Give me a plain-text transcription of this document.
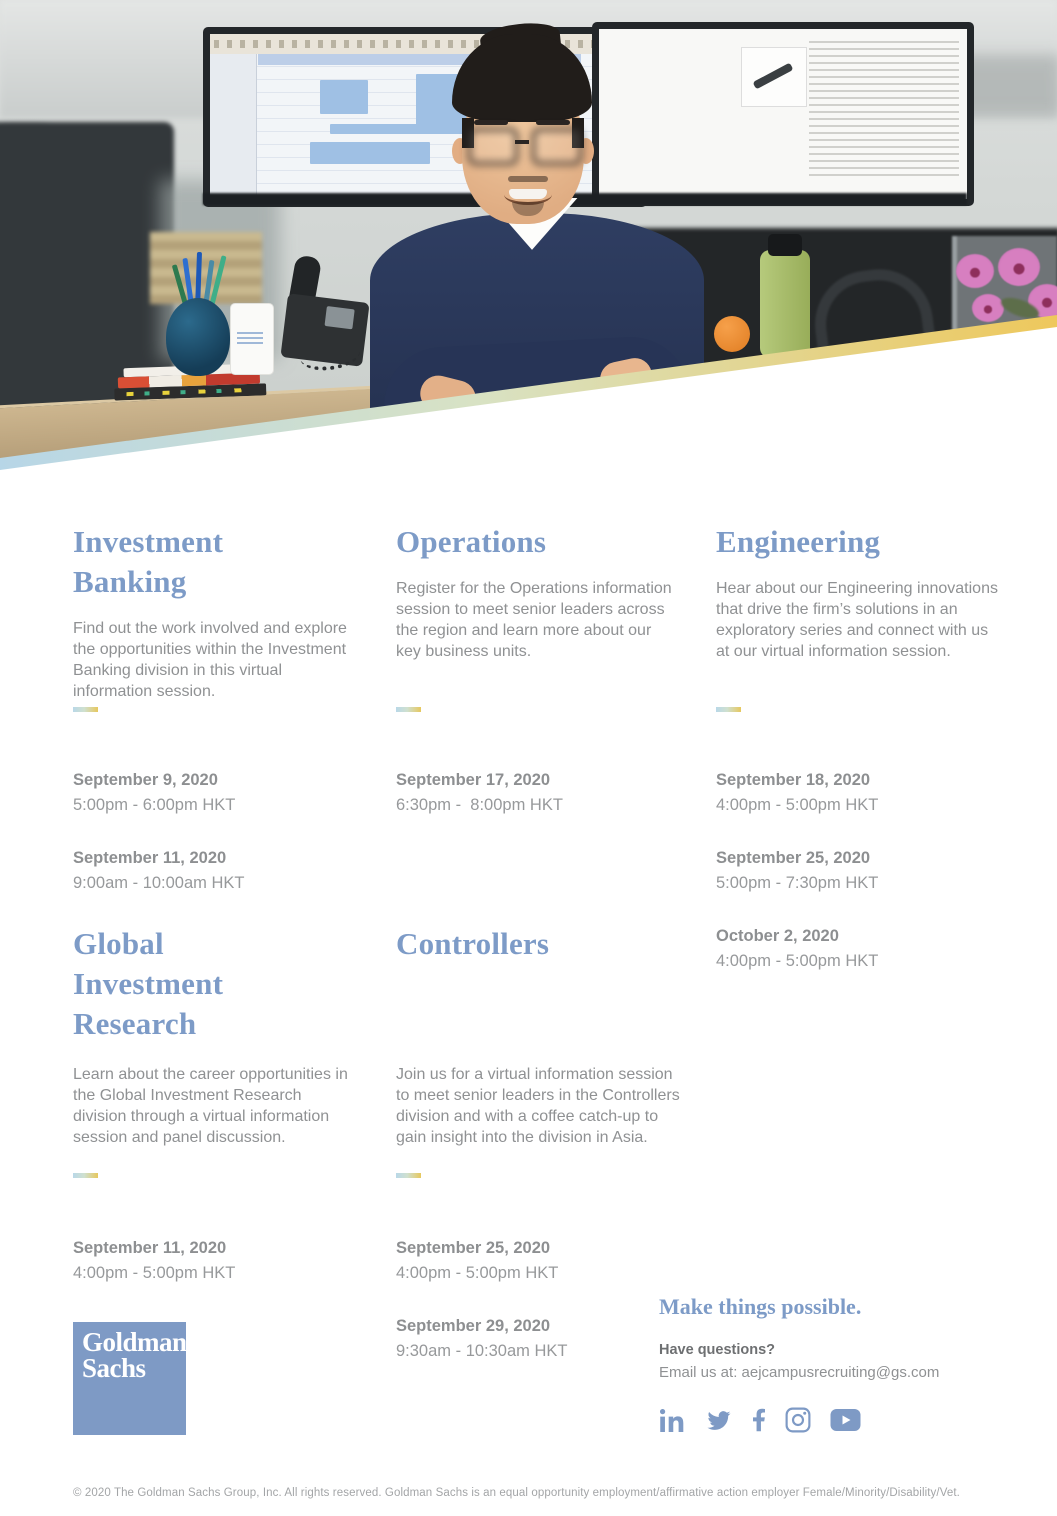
Investment Banking

Find out the work involved and explore the opportunities within the Investment Banking division in this virtual information session.

September 9, 2020
5:00pm - 6:00pm HKT
September 11, 2020
9:00am - 10:00am HKT
Operations

Register for the Operations information session to meet senior leaders across the region and learn more about our key business units.

September 17, 2020
6:30pm -  8:00pm HKT
Engineering

Hear about our Engineering innovations that drive the firm’s solutions in an exploratory series and connect with us at our virtual information session.

September 18, 2020
4:00pm - 5:00pm HKT
September 25, 2020
5:00pm - 7:30pm HKT
October 2, 2020
4:00pm - 5:00pm HKT
Global Investment Research

Learn about the career opportunities in the Global Investment Research division through a virtual information session and panel discussion.

September 11, 2020
4:00pm - 5:00pm HKT
Controllers

Join us for a virtual information session to meet senior leaders in the Controllers division and with a coffee catch-up to gain insight into the division in Asia.

September 25, 2020
4:00pm - 5:00pm HKT
September 29, 2020
9:30am - 10:30am HKT
Goldman
Sachs

Make things possible.

Have questions?

Email us at: aejcampusrecruiting@gs.com

© 2020 The Goldman Sachs Group, Inc. All rights reserved. Goldman Sachs is an equal opportunity employment/affirmative action employer Female/Minority/Disability/Vet.
